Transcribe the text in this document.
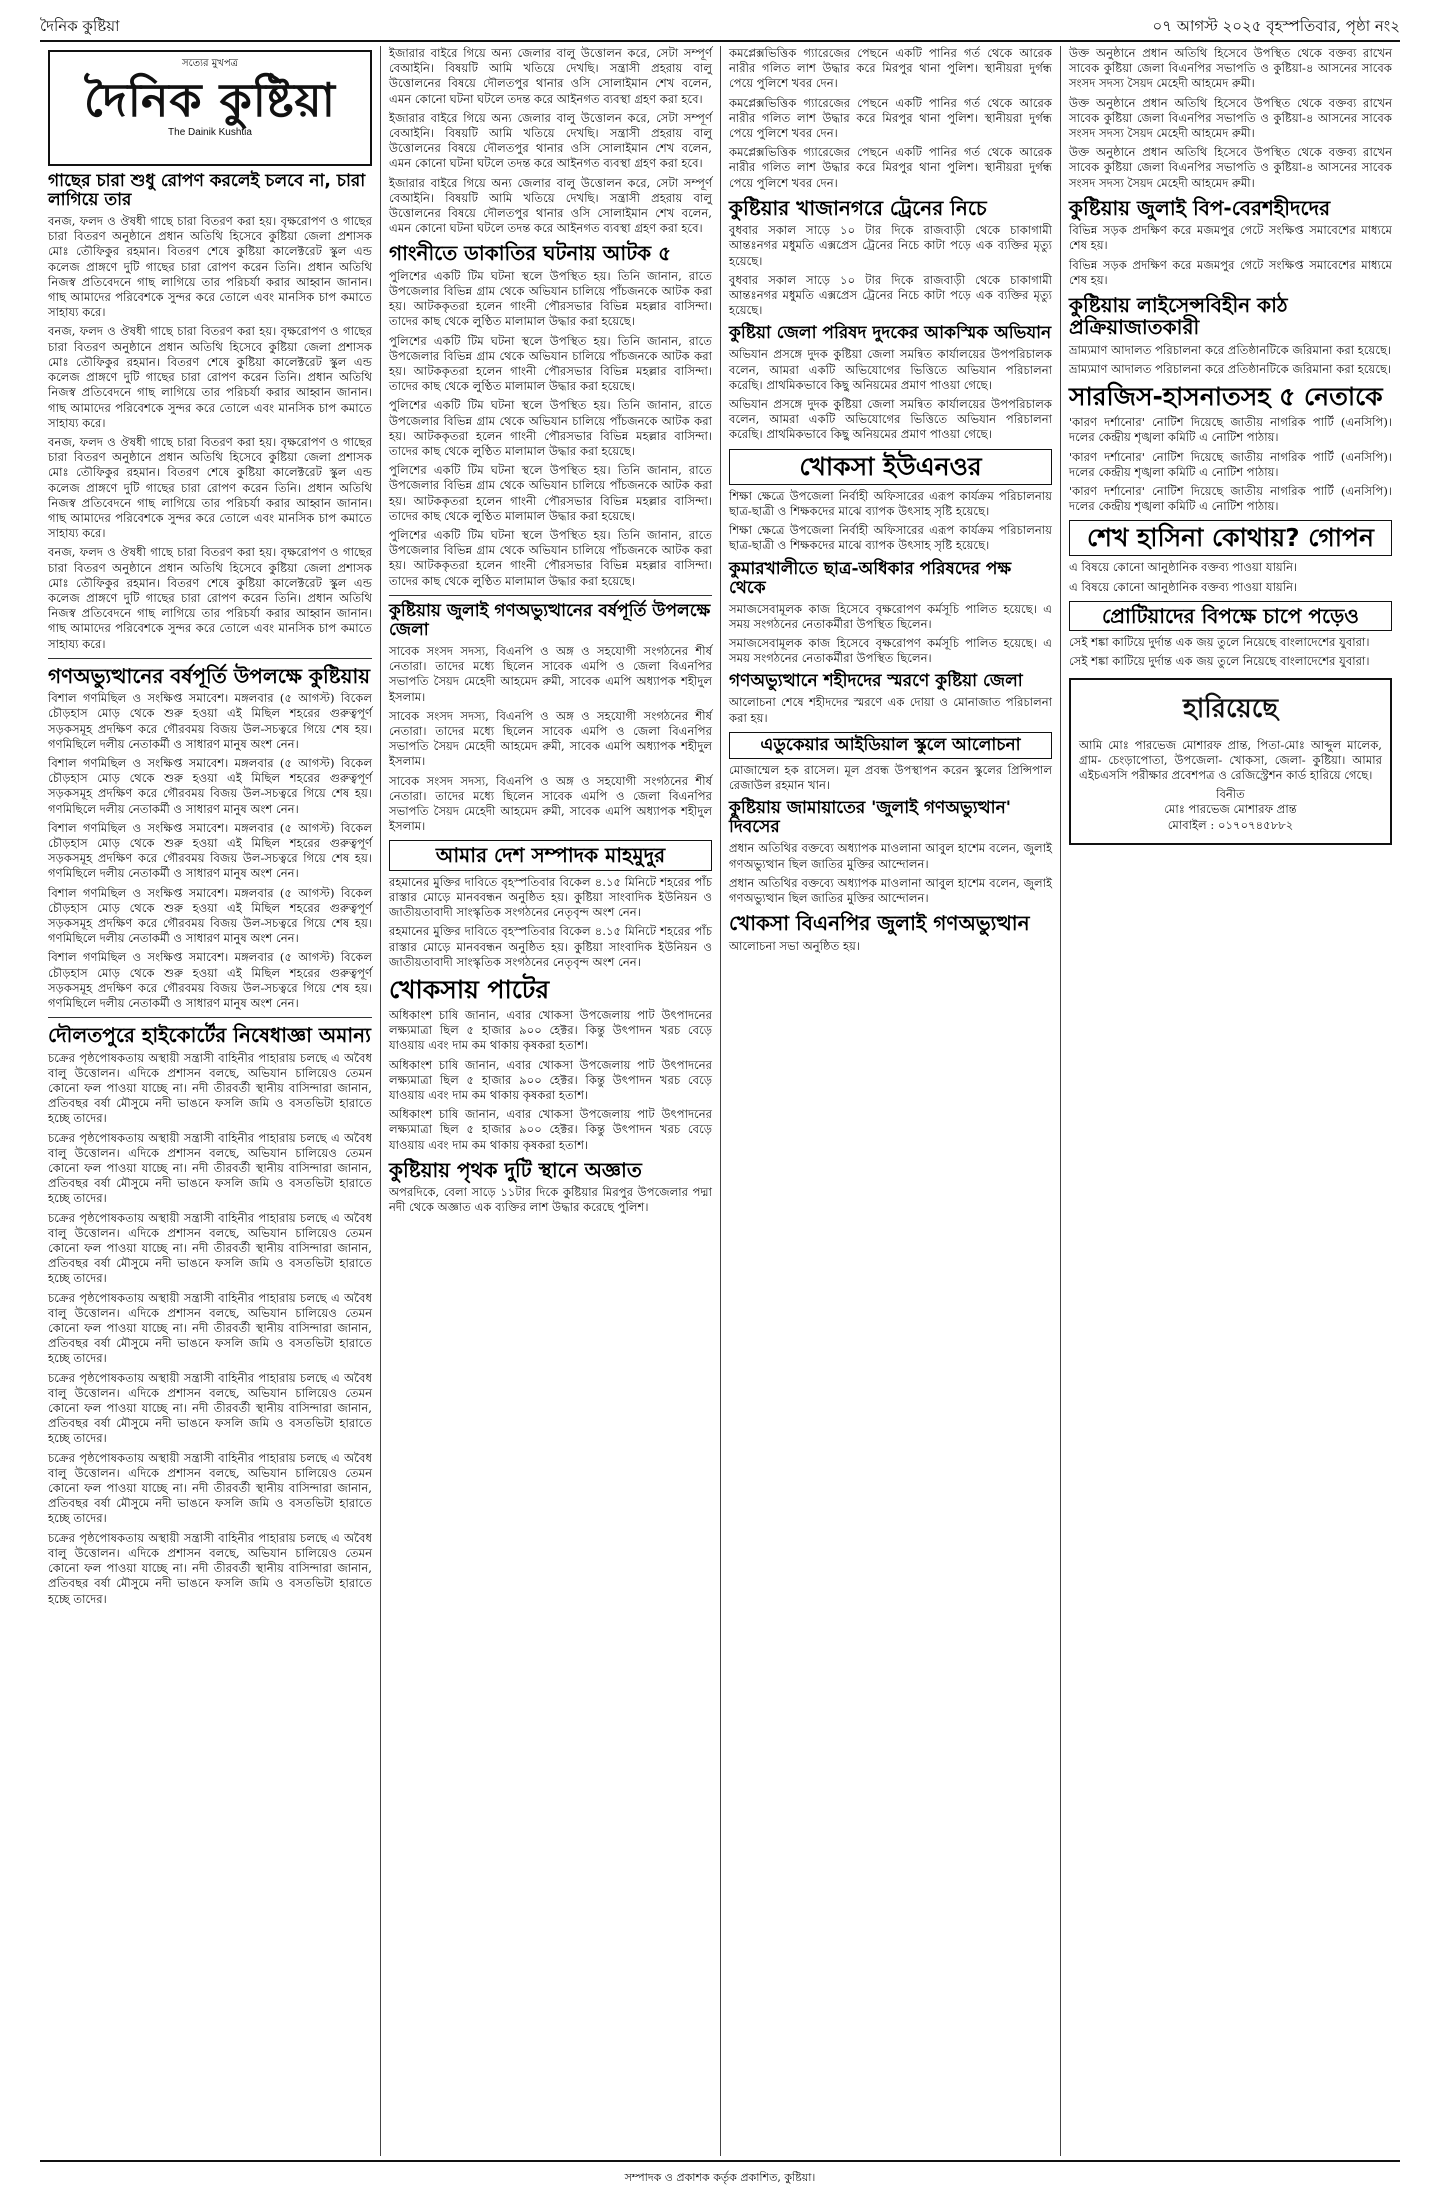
দৈনিক কুষ্টিয়া	০৭ আগস্ট ২০২৫ বৃহস্পতিবার, পৃষ্ঠা নং২
সত্যের মুখপত্র
দৈনিক কুষ্টিয়া
The Dainik Kushtia
গাছের চারা শুধু রোপণ করলেই চলবে না, চারা লাগিয়ে তার

বনজ, ফলদ ও ঔষধী গাছে চারা বিতরণ করা হয়। বৃক্ষরোপণ ও গাছের চারা বিতরণ অনুষ্ঠানে প্রধান অতিথি হিসেবে কুষ্টিয়া জেলা প্রশাসক মোঃ তৌফিকুর রহমান। বিতরণ শেষে কুষ্টিয়া কালেক্টরেট স্কুল এন্ড কলেজ প্রাঙ্গণে দুটি গাছের চারা রোপণ করেন তিনি। প্রধান অতিথি নিজস্ব প্রতিবেদনে গাছ লাগিয়ে তার পরিচর্যা করার আহ্বান জানান। গাছ আমাদের পরিবেশকে সুন্দর করে তোলে এবং মানসিক চাপ কমাতে সাহায্য করে।

বনজ, ফলদ ও ঔষধী গাছে চারা বিতরণ করা হয়। বৃক্ষরোপণ ও গাছের চারা বিতরণ অনুষ্ঠানে প্রধান অতিথি হিসেবে কুষ্টিয়া জেলা প্রশাসক মোঃ তৌফিকুর রহমান। বিতরণ শেষে কুষ্টিয়া কালেক্টরেট স্কুল এন্ড কলেজ প্রাঙ্গণে দুটি গাছের চারা রোপণ করেন তিনি। প্রধান অতিথি নিজস্ব প্রতিবেদনে গাছ লাগিয়ে তার পরিচর্যা করার আহ্বান জানান। গাছ আমাদের পরিবেশকে সুন্দর করে তোলে এবং মানসিক চাপ কমাতে সাহায্য করে।

বনজ, ফলদ ও ঔষধী গাছে চারা বিতরণ করা হয়। বৃক্ষরোপণ ও গাছের চারা বিতরণ অনুষ্ঠানে প্রধান অতিথি হিসেবে কুষ্টিয়া জেলা প্রশাসক মোঃ তৌফিকুর রহমান। বিতরণ শেষে কুষ্টিয়া কালেক্টরেট স্কুল এন্ড কলেজ প্রাঙ্গণে দুটি গাছের চারা রোপণ করেন তিনি। প্রধান অতিথি নিজস্ব প্রতিবেদনে গাছ লাগিয়ে তার পরিচর্যা করার আহ্বান জানান। গাছ আমাদের পরিবেশকে সুন্দর করে তোলে এবং মানসিক চাপ কমাতে সাহায্য করে।

বনজ, ফলদ ও ঔষধী গাছে চারা বিতরণ করা হয়। বৃক্ষরোপণ ও গাছের চারা বিতরণ অনুষ্ঠানে প্রধান অতিথি হিসেবে কুষ্টিয়া জেলা প্রশাসক মোঃ তৌফিকুর রহমান। বিতরণ শেষে কুষ্টিয়া কালেক্টরেট স্কুল এন্ড কলেজ প্রাঙ্গণে দুটি গাছের চারা রোপণ করেন তিনি। প্রধান অতিথি নিজস্ব প্রতিবেদনে গাছ লাগিয়ে তার পরিচর্যা করার আহ্বান জানান। গাছ আমাদের পরিবেশকে সুন্দর করে তোলে এবং মানসিক চাপ কমাতে সাহায্য করে।

গণঅভ্যুত্থানের বর্ষপূর্তি উপলক্ষে কুষ্টিয়ায়

বিশাল গণমিছিল ও সংক্ষিপ্ত সমাবেশ। মঙ্গলবার (৫ আগস্ট) বিকেল চৌড়হাস মোড় থেকে শুরু হওয়া এই মিছিল শহরের গুরুত্বপূর্ণ সড়কসমূহ প্রদক্ষিণ করে গৌরবময় বিজয় উল-সচত্বরে গিয়ে শেষ হয়। গণমিছিলে দলীয় নেতাকর্মী ও সাধারণ মানুষ অংশ নেন।

বিশাল গণমিছিল ও সংক্ষিপ্ত সমাবেশ। মঙ্গলবার (৫ আগস্ট) বিকেল চৌড়হাস মোড় থেকে শুরু হওয়া এই মিছিল শহরের গুরুত্বপূর্ণ সড়কসমূহ প্রদক্ষিণ করে গৌরবময় বিজয় উল-সচত্বরে গিয়ে শেষ হয়। গণমিছিলে দলীয় নেতাকর্মী ও সাধারণ মানুষ অংশ নেন।

বিশাল গণমিছিল ও সংক্ষিপ্ত সমাবেশ। মঙ্গলবার (৫ আগস্ট) বিকেল চৌড়হাস মোড় থেকে শুরু হওয়া এই মিছিল শহরের গুরুত্বপূর্ণ সড়কসমূহ প্রদক্ষিণ করে গৌরবময় বিজয় উল-সচত্বরে গিয়ে শেষ হয়। গণমিছিলে দলীয় নেতাকর্মী ও সাধারণ মানুষ অংশ নেন।

বিশাল গণমিছিল ও সংক্ষিপ্ত সমাবেশ। মঙ্গলবার (৫ আগস্ট) বিকেল চৌড়হাস মোড় থেকে শুরু হওয়া এই মিছিল শহরের গুরুত্বপূর্ণ সড়কসমূহ প্রদক্ষিণ করে গৌরবময় বিজয় উল-সচত্বরে গিয়ে শেষ হয়। গণমিছিলে দলীয় নেতাকর্মী ও সাধারণ মানুষ অংশ নেন।

বিশাল গণমিছিল ও সংক্ষিপ্ত সমাবেশ। মঙ্গলবার (৫ আগস্ট) বিকেল চৌড়হাস মোড় থেকে শুরু হওয়া এই মিছিল শহরের গুরুত্বপূর্ণ সড়কসমূহ প্রদক্ষিণ করে গৌরবময় বিজয় উল-সচত্বরে গিয়ে শেষ হয়। গণমিছিলে দলীয় নেতাকর্মী ও সাধারণ মানুষ অংশ নেন।

দৌলতপুরে হাইকোর্টের নিষেধাজ্ঞা অমান্য

চক্রের পৃষ্ঠপোষকতায় অস্থায়ী সন্ত্রাসী বাহিনীর পাহারায় চলছে এ অবৈধ বালু উত্তোলন। এদিকে প্রশাসন বলছে, অভিযান চালিয়েও তেমন কোনো ফল পাওয়া যাচ্ছে না। নদী তীরবর্তী স্থানীয় বাসিন্দারা জানান, প্রতিবছর বর্ষা মৌসুমে নদী ভাঙনে ফসলি জমি ও বসতভিটা হারাতে হচ্ছে তাদের।

চক্রের পৃষ্ঠপোষকতায় অস্থায়ী সন্ত্রাসী বাহিনীর পাহারায় চলছে এ অবৈধ বালু উত্তোলন। এদিকে প্রশাসন বলছে, অভিযান চালিয়েও তেমন কোনো ফল পাওয়া যাচ্ছে না। নদী তীরবর্তী স্থানীয় বাসিন্দারা জানান, প্রতিবছর বর্ষা মৌসুমে নদী ভাঙনে ফসলি জমি ও বসতভিটা হারাতে হচ্ছে তাদের।

চক্রের পৃষ্ঠপোষকতায় অস্থায়ী সন্ত্রাসী বাহিনীর পাহারায় চলছে এ অবৈধ বালু উত্তোলন। এদিকে প্রশাসন বলছে, অভিযান চালিয়েও তেমন কোনো ফল পাওয়া যাচ্ছে না। নদী তীরবর্তী স্থানীয় বাসিন্দারা জানান, প্রতিবছর বর্ষা মৌসুমে নদী ভাঙনে ফসলি জমি ও বসতভিটা হারাতে হচ্ছে তাদের।

চক্রের পৃষ্ঠপোষকতায় অস্থায়ী সন্ত্রাসী বাহিনীর পাহারায় চলছে এ অবৈধ বালু উত্তোলন। এদিকে প্রশাসন বলছে, অভিযান চালিয়েও তেমন কোনো ফল পাওয়া যাচ্ছে না। নদী তীরবর্তী স্থানীয় বাসিন্দারা জানান, প্রতিবছর বর্ষা মৌসুমে নদী ভাঙনে ফসলি জমি ও বসতভিটা হারাতে হচ্ছে তাদের।

চক্রের পৃষ্ঠপোষকতায় অস্থায়ী সন্ত্রাসী বাহিনীর পাহারায় চলছে এ অবৈধ বালু উত্তোলন। এদিকে প্রশাসন বলছে, অভিযান চালিয়েও তেমন কোনো ফল পাওয়া যাচ্ছে না। নদী তীরবর্তী স্থানীয় বাসিন্দারা জানান, প্রতিবছর বর্ষা মৌসুমে নদী ভাঙনে ফসলি জমি ও বসতভিটা হারাতে হচ্ছে তাদের।

চক্রের পৃষ্ঠপোষকতায় অস্থায়ী সন্ত্রাসী বাহিনীর পাহারায় চলছে এ অবৈধ বালু উত্তোলন। এদিকে প্রশাসন বলছে, অভিযান চালিয়েও তেমন কোনো ফল পাওয়া যাচ্ছে না। নদী তীরবর্তী স্থানীয় বাসিন্দারা জানান, প্রতিবছর বর্ষা মৌসুমে নদী ভাঙনে ফসলি জমি ও বসতভিটা হারাতে হচ্ছে তাদের।

চক্রের পৃষ্ঠপোষকতায় অস্থায়ী সন্ত্রাসী বাহিনীর পাহারায় চলছে এ অবৈধ বালু উত্তোলন। এদিকে প্রশাসন বলছে, অভিযান চালিয়েও তেমন কোনো ফল পাওয়া যাচ্ছে না। নদী তীরবর্তী স্থানীয় বাসিন্দারা জানান, প্রতিবছর বর্ষা মৌসুমে নদী ভাঙনে ফসলি জমি ও বসতভিটা হারাতে হচ্ছে তাদের।

ইজারার বাইরে গিয়ে অন্য জেলার বালু উত্তোলন করে, সেটা সম্পূর্ণ বেআইনি। বিষয়টি আমি খতিয়ে দেখছি। সন্ত্রাসী প্রহরায় বালু উত্তোলনের বিষয়ে দৌলতপুর থানার ওসি সোলাইমান শেখ বলেন, এমন কোনো ঘটনা ঘটলে তদন্ত করে আইনগত ব্যবস্থা গ্রহণ করা হবে।

ইজারার বাইরে গিয়ে অন্য জেলার বালু উত্তোলন করে, সেটা সম্পূর্ণ বেআইনি। বিষয়টি আমি খতিয়ে দেখছি। সন্ত্রাসী প্রহরায় বালু উত্তোলনের বিষয়ে দৌলতপুর থানার ওসি সোলাইমান শেখ বলেন, এমন কোনো ঘটনা ঘটলে তদন্ত করে আইনগত ব্যবস্থা গ্রহণ করা হবে।

ইজারার বাইরে গিয়ে অন্য জেলার বালু উত্তোলন করে, সেটা সম্পূর্ণ বেআইনি। বিষয়টি আমি খতিয়ে দেখছি। সন্ত্রাসী প্রহরায় বালু উত্তোলনের বিষয়ে দৌলতপুর থানার ওসি সোলাইমান শেখ বলেন, এমন কোনো ঘটনা ঘটলে তদন্ত করে আইনগত ব্যবস্থা গ্রহণ করা হবে।

গাংনীতে ডাকাতির ঘটনায় আটক ৫

পুলিশের একটি টিম ঘটনা স্থলে উপস্থিত হয়। তিনি জানান, রাতে উপজেলার বিভিন্ন গ্রাম থেকে অভিযান চালিয়ে পাঁচজনকে আটক করা হয়। আটককৃতরা হলেন গাংনী পৌরসভার বিভিন্ন মহল্লার বাসিন্দা। তাদের কাছ থেকে লুণ্ঠিত মালামাল উদ্ধার করা হয়েছে।

পুলিশের একটি টিম ঘটনা স্থলে উপস্থিত হয়। তিনি জানান, রাতে উপজেলার বিভিন্ন গ্রাম থেকে অভিযান চালিয়ে পাঁচজনকে আটক করা হয়। আটককৃতরা হলেন গাংনী পৌরসভার বিভিন্ন মহল্লার বাসিন্দা। তাদের কাছ থেকে লুণ্ঠিত মালামাল উদ্ধার করা হয়েছে।

পুলিশের একটি টিম ঘটনা স্থলে উপস্থিত হয়। তিনি জানান, রাতে উপজেলার বিভিন্ন গ্রাম থেকে অভিযান চালিয়ে পাঁচজনকে আটক করা হয়। আটককৃতরা হলেন গাংনী পৌরসভার বিভিন্ন মহল্লার বাসিন্দা। তাদের কাছ থেকে লুণ্ঠিত মালামাল উদ্ধার করা হয়েছে।

পুলিশের একটি টিম ঘটনা স্থলে উপস্থিত হয়। তিনি জানান, রাতে উপজেলার বিভিন্ন গ্রাম থেকে অভিযান চালিয়ে পাঁচজনকে আটক করা হয়। আটককৃতরা হলেন গাংনী পৌরসভার বিভিন্ন মহল্লার বাসিন্দা। তাদের কাছ থেকে লুণ্ঠিত মালামাল উদ্ধার করা হয়েছে।

পুলিশের একটি টিম ঘটনা স্থলে উপস্থিত হয়। তিনি জানান, রাতে উপজেলার বিভিন্ন গ্রাম থেকে অভিযান চালিয়ে পাঁচজনকে আটক করা হয়। আটককৃতরা হলেন গাংনী পৌরসভার বিভিন্ন মহল্লার বাসিন্দা। তাদের কাছ থেকে লুণ্ঠিত মালামাল উদ্ধার করা হয়েছে।

কুষ্টিয়ায় জুলাই গণঅভ্যুত্থানের বর্ষপূর্তি উপলক্ষে জেলা

সাবেক সংসদ সদস্য, বিএনপি ও অঙ্গ ও সহযোগী সংগঠনের শীর্ষ নেতারা। তাদের মধ্যে ছিলেন সাবেক এমপি ও জেলা বিএনপির সভাপতি সৈয়দ মেহেদী আহমেদ রুমী, সাবেক এমপি অধ্যাপক শহীদুল ইসলাম।

সাবেক সংসদ সদস্য, বিএনপি ও অঙ্গ ও সহযোগী সংগঠনের শীর্ষ নেতারা। তাদের মধ্যে ছিলেন সাবেক এমপি ও জেলা বিএনপির সভাপতি সৈয়দ মেহেদী আহমেদ রুমী, সাবেক এমপি অধ্যাপক শহীদুল ইসলাম।

সাবেক সংসদ সদস্য, বিএনপি ও অঙ্গ ও সহযোগী সংগঠনের শীর্ষ নেতারা। তাদের মধ্যে ছিলেন সাবেক এমপি ও জেলা বিএনপির সভাপতি সৈয়দ মেহেদী আহমেদ রুমী, সাবেক এমপি অধ্যাপক শহীদুল ইসলাম।

আমার দেশ সম্পাদক মাহমুদুর

রহমানের মুক্তির দাবিতে বৃহস্পতিবার বিকেল ৪.১৫ মিনিটে শহরের পাঁচ রাস্তার মোড়ে মানববন্ধন অনুষ্ঠিত হয়। কুষ্টিয়া সাংবাদিক ইউনিয়ন ও জাতীয়তাবাদী সাংস্কৃতিক সংগঠনের নেতৃবৃন্দ অংশ নেন।

রহমানের মুক্তির দাবিতে বৃহস্পতিবার বিকেল ৪.১৫ মিনিটে শহরের পাঁচ রাস্তার মোড়ে মানববন্ধন অনুষ্ঠিত হয়। কুষ্টিয়া সাংবাদিক ইউনিয়ন ও জাতীয়তাবাদী সাংস্কৃতিক সংগঠনের নেতৃবৃন্দ অংশ নেন।

খোকসায় পাটের

অধিকাংশ চাষি জানান, এবার খোকসা উপজেলায় পাট উৎপাদনের লক্ষ্যমাত্রা ছিল ৫ হাজার ৯০০ হেক্টর। কিন্তু উৎপাদন খরচ বেড়ে যাওয়ায় এবং দাম কম থাকায় কৃষকরা হতাশ।

অধিকাংশ চাষি জানান, এবার খোকসা উপজেলায় পাট উৎপাদনের লক্ষ্যমাত্রা ছিল ৫ হাজার ৯০০ হেক্টর। কিন্তু উৎপাদন খরচ বেড়ে যাওয়ায় এবং দাম কম থাকায় কৃষকরা হতাশ।

অধিকাংশ চাষি জানান, এবার খোকসা উপজেলায় পাট উৎপাদনের লক্ষ্যমাত্রা ছিল ৫ হাজার ৯০০ হেক্টর। কিন্তু উৎপাদন খরচ বেড়ে যাওয়ায় এবং দাম কম থাকায় কৃষকরা হতাশ।

কুষ্টিয়ায় পৃথক দুটি স্থানে অজ্ঞাত

অপরদিকে, বেলা সাড়ে ১১টার দিকে কুষ্টিয়ার মিরপুর উপজেলার পদ্মা নদী থেকে অজ্ঞাত এক ব্যক্তির লাশ উদ্ধার করেছে পুলিশ।

কমপ্লেক্সভিত্তিক গ্যারেজের পেছনে একটি পানির গর্ত থেকে আরেক নারীর গলিত লাশ উদ্ধার করে মিরপুর থানা পুলিশ। স্থানীয়রা দুর্গন্ধ পেয়ে পুলিশে খবর দেন।

কমপ্লেক্সভিত্তিক গ্যারেজের পেছনে একটি পানির গর্ত থেকে আরেক নারীর গলিত লাশ উদ্ধার করে মিরপুর থানা পুলিশ। স্থানীয়রা দুর্গন্ধ পেয়ে পুলিশে খবর দেন।

কমপ্লেক্সভিত্তিক গ্যারেজের পেছনে একটি পানির গর্ত থেকে আরেক নারীর গলিত লাশ উদ্ধার করে মিরপুর থানা পুলিশ। স্থানীয়রা দুর্গন্ধ পেয়ে পুলিশে খবর দেন।

কুষ্টিয়ার খাজানগরে ট্রেনের নিচে

বুধবার সকাল সাড়ে ১০ টার দিকে রাজবাড়ী থেকে চাকাগামী আন্তঃনগর মধুমতি এক্সপ্রেস ট্রেনের নিচে কাটা পড়ে এক ব্যক্তির মৃত্যু হয়েছে।

বুধবার সকাল সাড়ে ১০ টার দিকে রাজবাড়ী থেকে চাকাগামী আন্তঃনগর মধুমতি এক্সপ্রেস ট্রেনের নিচে কাটা পড়ে এক ব্যক্তির মৃত্যু হয়েছে।

কুষ্টিয়া জেলা পরিষদ দুদকের আকস্মিক অভিযান

অভিযান প্রসঙ্গে দুদক কুষ্টিয়া জেলা সমন্বিত কার্যালয়ের উপপরিচালক বলেন, আমরা একটি অভিযোগের ভিত্তিতে অভিযান পরিচালনা করেছি। প্রাথমিকভাবে কিছু অনিয়মের প্রমাণ পাওয়া গেছে।

অভিযান প্রসঙ্গে দুদক কুষ্টিয়া জেলা সমন্বিত কার্যালয়ের উপপরিচালক বলেন, আমরা একটি অভিযোগের ভিত্তিতে অভিযান পরিচালনা করেছি। প্রাথমিকভাবে কিছু অনিয়মের প্রমাণ পাওয়া গেছে।

খোকসা ইউএনওর

শিক্ষা ক্ষেত্রে উপজেলা নির্বাহী অফিসারের এরূপ কার্যক্রম পরিচালনায় ছাত্র-ছাত্রী ও শিক্ষকদের মাঝে ব্যাপক উৎসাহ সৃষ্টি হয়েছে।

শিক্ষা ক্ষেত্রে উপজেলা নির্বাহী অফিসারের এরূপ কার্যক্রম পরিচালনায় ছাত্র-ছাত্রী ও শিক্ষকদের মাঝে ব্যাপক উৎসাহ সৃষ্টি হয়েছে।

কুমারখালীতে ছাত্র-অধিকার পরিষদের পক্ষ থেকে

সমাজসেবামূলক কাজ হিসেবে বৃক্ষরোপণ কর্মসূচি পালিত হয়েছে। এ সময় সংগঠনের নেতাকর্মীরা উপস্থিত ছিলেন।

সমাজসেবামূলক কাজ হিসেবে বৃক্ষরোপণ কর্মসূচি পালিত হয়েছে। এ সময় সংগঠনের নেতাকর্মীরা উপস্থিত ছিলেন।

গণঅভ্যুত্থানে শহীদদের স্মরণে কুষ্টিয়া জেলা

আলোচনা শেষে শহীদদের স্মরণে এক দোয়া ও মোনাজাত পরিচালনা করা হয়।

এডুকেয়ার আইডিয়াল স্কুলে আলোচনা

মোজাম্মেল হক রাসেল। মূল প্রবন্ধ উপস্থাপন করেন স্কুলের প্রিন্সিপাল রেজাউল রহমান খান।

কুষ্টিয়ায় জামায়াতের 'জুলাই গণঅভ্যুত্থান' দিবসের

প্রধান অতিথির বক্তব্যে অধ্যাপক মাওলানা আবুল হাশেম বলেন, জুলাই গণঅভ্যুত্থান ছিল জাতির মুক্তির আন্দোলন।

প্রধান অতিথির বক্তব্যে অধ্যাপক মাওলানা আবুল হাশেম বলেন, জুলাই গণঅভ্যুত্থান ছিল জাতির মুক্তির আন্দোলন।

খোকসা বিএনপির জুলাই গণঅভ্যুত্থান

আলোচনা সভা অনুষ্ঠিত হয়।

উক্ত অনুষ্ঠানে প্রধান অতিথি হিসেবে উপস্থিত থেকে বক্তব্য রাখেন সাবেক কুষ্টিয়া জেলা বিএনপির সভাপতি ও কুষ্টিয়া-৪ আসনের সাবেক সংসদ সদস্য সৈয়দ মেহেদী আহমেদ রুমী।

উক্ত অনুষ্ঠানে প্রধান অতিথি হিসেবে উপস্থিত থেকে বক্তব্য রাখেন সাবেক কুষ্টিয়া জেলা বিএনপির সভাপতি ও কুষ্টিয়া-৪ আসনের সাবেক সংসদ সদস্য সৈয়দ মেহেদী আহমেদ রুমী।

উক্ত অনুষ্ঠানে প্রধান অতিথি হিসেবে উপস্থিত থেকে বক্তব্য রাখেন সাবেক কুষ্টিয়া জেলা বিএনপির সভাপতি ও কুষ্টিয়া-৪ আসনের সাবেক সংসদ সদস্য সৈয়দ মেহেদী আহমেদ রুমী।

কুষ্টিয়ায় জুলাই বিপ-বেরশহীদদের

বিভিন্ন সড়ক প্রদক্ষিণ করে মজমপুর গেটে সংক্ষিপ্ত সমাবেশের মাধ্যমে শেষ হয়।

বিভিন্ন সড়ক প্রদক্ষিণ করে মজমপুর গেটে সংক্ষিপ্ত সমাবেশের মাধ্যমে শেষ হয়।

কুষ্টিয়ায় লাইসেন্সবিহীন কাঠ প্রক্রিয়াজাতকারী

ভ্রাম্যমাণ আদালত পরিচালনা করে প্রতিষ্ঠানটিকে জরিমানা করা হয়েছে।

ভ্রাম্যমাণ আদালত পরিচালনা করে প্রতিষ্ঠানটিকে জরিমানা করা হয়েছে।

সারজিস-হাসনাতসহ ৫ নেতাকে

'কারণ দর্শানোর' নোটিশ দিয়েছে জাতীয় নাগরিক পার্টি (এনসিপি)। দলের কেন্দ্রীয় শৃঙ্খলা কমিটি এ নোটিশ পাঠায়।

'কারণ দর্শানোর' নোটিশ দিয়েছে জাতীয় নাগরিক পার্টি (এনসিপি)। দলের কেন্দ্রীয় শৃঙ্খলা কমিটি এ নোটিশ পাঠায়।

'কারণ দর্শানোর' নোটিশ দিয়েছে জাতীয় নাগরিক পার্টি (এনসিপি)। দলের কেন্দ্রীয় শৃঙ্খলা কমিটি এ নোটিশ পাঠায়।

শেখ হাসিনা কোথায়? গোপন

এ বিষয়ে কোনো আনুষ্ঠানিক বক্তব্য পাওয়া যায়নি।

এ বিষয়ে কোনো আনুষ্ঠানিক বক্তব্য পাওয়া যায়নি।

প্রোটিয়াদের বিপক্ষে চাপে পড়েও

সেই শঙ্কা কাটিয়ে দুর্দান্ত এক জয় তুলে নিয়েছে বাংলাদেশের যুবারা।

সেই শঙ্কা কাটিয়ে দুর্দান্ত এক জয় তুলে নিয়েছে বাংলাদেশের যুবারা।

হারিয়েছে

আমি মোঃ পারভেজ মোশারফ প্রান্ত, পিতা-মোঃ আব্দুল মালেক, গ্রাম- চেংড়াপোতা, উপজেলা- খোকসা, জেলা- কুষ্টিয়া। আমার এইচএসসি পরীক্ষার প্রবেশপত্র ও রেজিস্ট্রেশন কার্ড হারিয়ে গেছে।

বিনীত
মোঃ পারভেজ মোশারফ প্রান্ত
মোবাইল : ০১৭০৭৪৫৮৮২

সম্পাদক ও প্রকাশক কর্তৃক প্রকাশিত, কুষ্টিয়া।
